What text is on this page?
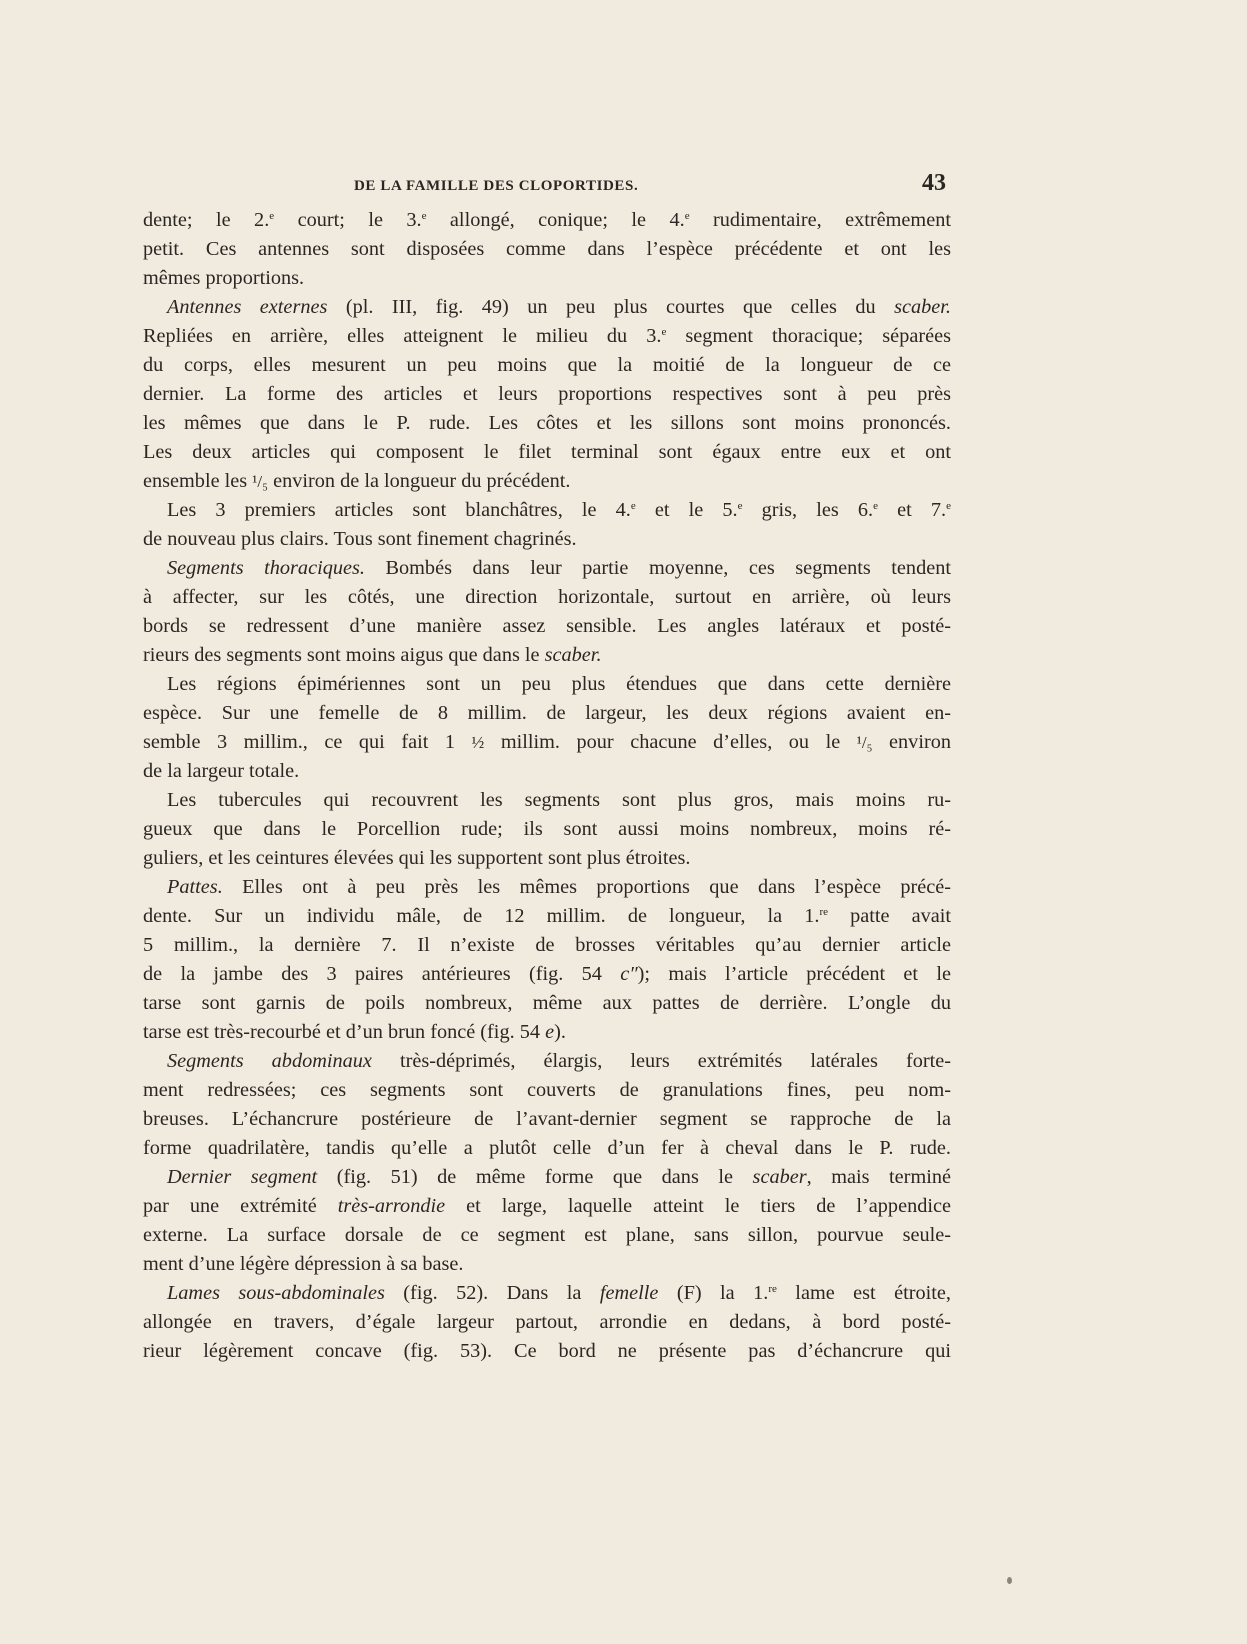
DE LA FAMILLE DES CLOPORTIDES.	43
dente; le 2.$^e$ court; le 3.$^e$ allongé, conique; le 4.$^e$ rudimentaire, extrêmement
petit. Ces antennes sont disposées comme dans l’espèce précédente et ont les
mêmes proportions.
Antennes externes (pl. III, fig. 49) un peu plus courtes que celles du scaber.
Repliées en arrière, elles atteignent le milieu du 3.$^e$ segment thoracique; séparées
du corps, elles mesurent un peu moins que la moitié de la longueur de ce
dernier. La forme des articles et leurs proportions respectives sont à peu près
les mêmes que dans le P. rude. Les côtes et les sillons sont moins prononcés.
Les deux articles qui composent le filet terminal sont égaux entre eux et ont
ensemble les ¹/₅ environ de la longueur du précédent.
Les 3 premiers articles sont blanchâtres, le 4.$^e$ et le 5.$^e$ gris, les 6.$^e$ et 7.$^e$
de nouveau plus clairs. Tous sont finement chagrinés.
Segments thoraciques. Bombés dans leur partie moyenne, ces segments tendent
à affecter, sur les côtés, une direction horizontale, surtout en arrière, où leurs
bords se redressent d’une manière assez sensible. Les angles latéraux et posté-
rieurs des segments sont moins aigus que dans le scaber.
Les régions épimériennes sont un peu plus étendues que dans cette dernière
espèce. Sur une femelle de 8 millim. de largeur, les deux régions avaient en-
semble 3 millim., ce qui fait 1 ½ millim. pour chacune d’elles, ou le ¹/₅ environ
de la largeur totale.
Les tubercules qui recouvrent les segments sont plus gros, mais moins ru-
gueux que dans le Porcellion rude; ils sont aussi moins nombreux, moins ré-
guliers, et les ceintures élevées qui les supportent sont plus étroites.
Pattes. Elles ont à peu près les mêmes proportions que dans l’espèce précé-
dente. Sur un individu mâle, de 12 millim. de longueur, la 1.$^{re}$ patte avait
5 millim., la dernière 7. Il n’existe de brosses véritables qu’au dernier article
de la jambe des 3 paires antérieures (fig. 54 c″); mais l’article précédent et le
tarse sont garnis de poils nombreux, même aux pattes de derrière. L’ongle du
tarse est très-recourbé et d’un brun foncé (fig. 54 e).
Segments abdominaux très-déprimés, élargis, leurs extrémités latérales forte-
ment redressées; ces segments sont couverts de granulations fines, peu nom-
breuses. L’échancrure postérieure de l’avant-dernier segment se rapproche de la
forme quadrilatère, tandis qu’elle a plutôt celle d’un fer à cheval dans le P. rude.
Dernier segment (fig. 51) de même forme que dans le scaber, mais terminé
par une extrémité très-arrondie et large, laquelle atteint le tiers de l’appendice
externe. La surface dorsale de ce segment est plane, sans sillon, pourvue seule-
ment d’une légère dépression à sa base.
Lames sous-abdominales (fig. 52). Dans la femelle (F) la 1.$^{re}$ lame est étroite,
allongée en travers, d’égale largeur partout, arrondie en dedans, à bord posté-
rieur légèrement concave (fig. 53). Ce bord ne présente pas d’échancrure qui
